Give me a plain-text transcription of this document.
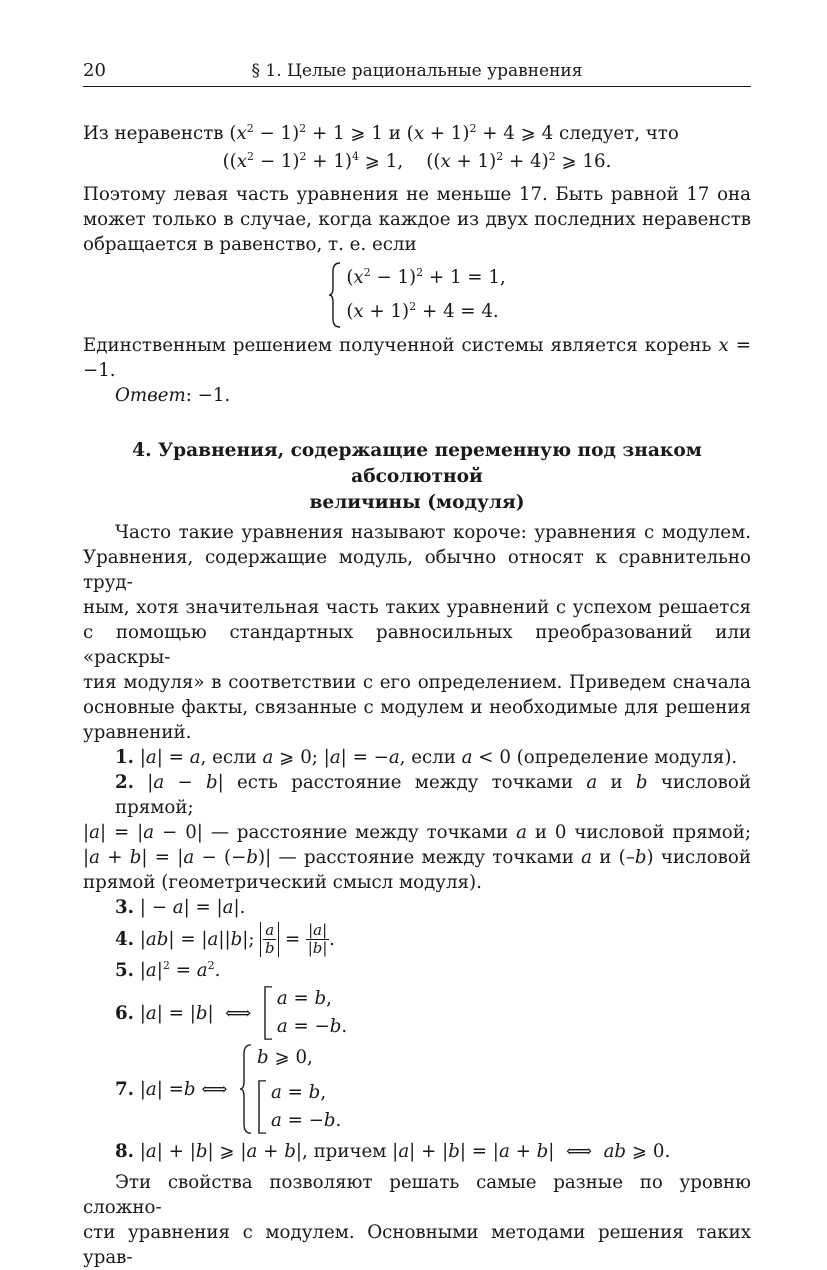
20	§ 1. Целые рациональные уравнения

Из неравенств $(x^2 - 1)^2 + 1$ ⩾ 1 и $(x + 1)^2 + 4$ ⩾ 4 следует, что

$((x^2 - 1)^2 + 1)^4$ ⩾ 1,    $((x + 1)^2 + 4)^2$ ⩾ 16.

Поэтому левая часть уравнения не меньше 17. Быть равной 17 она

может только в случае, когда каждое из двух последних неравенств

обращается в равенство, т. е. если

$(x^2 - 1)^2 + 1 = 1$,
$(x + 1)^2 + 4 = 4$.

Единственным решением полученной системы является корень x = −1.

Ответ: −1.

4. Уравнения, содержащие переменную под знаком абсолютной
величины (модуля)

Часто такие уравнения называют короче: уравнения с модулем.

Уравнения, содержащие модуль, обычно относят к сравнительно труд-

ным, хотя значительная часть таких уравнений с успехом решается

с помощью стандартных равносильных преобразований или «раскры-

тия модуля» в соответствии с его определением. Приведем сначала

основные факты, связанные с модулем и необходимые для решения

уравнений.

1. |a| = a, если a ⩾ 0; |a| = −a, если a < 0 (определение модуля).

2. |a − b| есть расстояние между точками a и b числовой прямой;

|a| = |a − 0| — расстояние между точками a и 0 числовой прямой;

|a + b| = |a − (−b)| — расстояние между точками a и (–b) числовой

прямой (геометрический смысл модуля).

3. | − a| = |a|.

4. | ab | = | a || b |; $\frac{a}{b} = \frac{|a|}{|b|}$ .

5. $|a|^2 = a^2$.

6. | a | = | b |  ⟺
a = b,
a = −b.
7. | a | = b ⟺
b ⩾ 0,
a = b,
a = −b.

8. |a| + |b| ⩾ |a + b|, причем |a| + |b| = |a + b|  ⟺  ab ⩾ 0.

Эти свойства позволяют решать самые разные по уровню сложно-

сти уравнения с модулем. Основными методами решения таких урав-
